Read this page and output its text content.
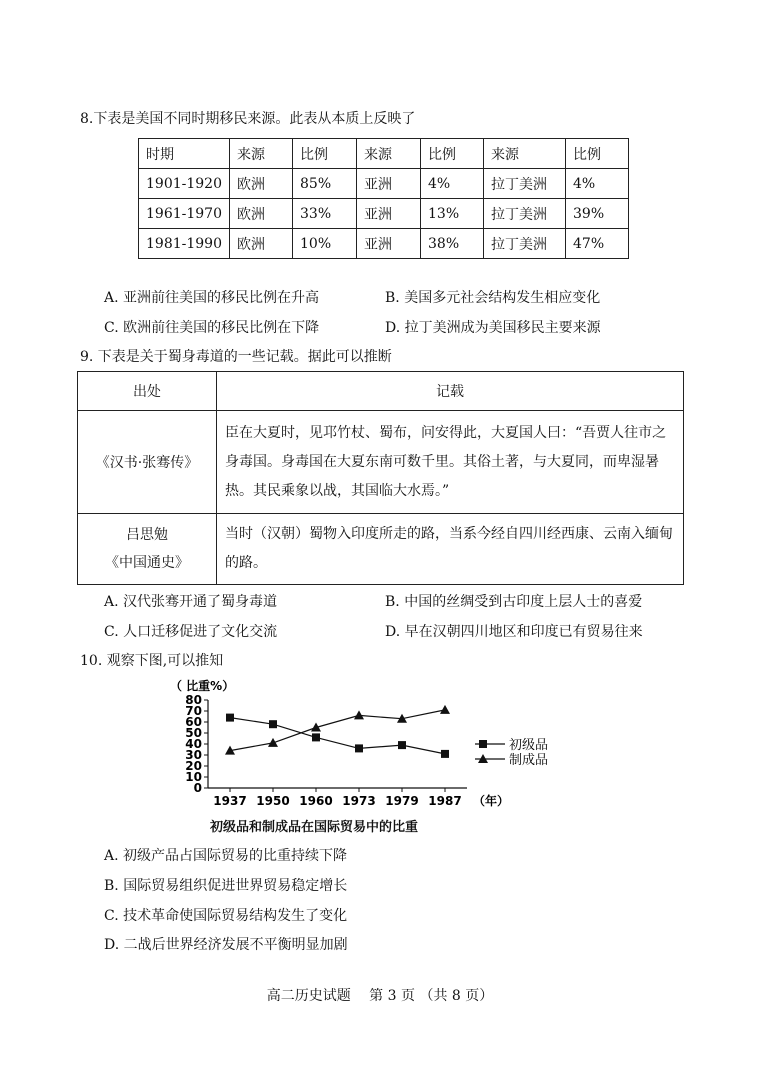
8.下表是美国不同时期移民来源。此表从本质上反映了
时期	来源	比例	来源	比例	来源	比例
1901-1920	欧洲	85%	亚洲	4%	拉丁美洲	4%
1961-1970	欧洲	33%	亚洲	13%	拉丁美洲	39%
1981-1990	欧洲	10%	亚洲	38%	拉丁美洲	47%
A. 亚洲前往美国的移民比例在升高	B. 美国多元社会结构发生相应变化
C. 欧洲前往美国的移民比例在下降	D. 拉丁美洲成为美国移民主要来源
9. 下表是关于蜀身毒道的一些记载。据此可以推断
出处	记载
《汉书·张骞传》	臣在大夏时，见邛竹杖、蜀布，问安得此，大夏国人曰：“吾贾人往市之身毒国。身毒国在大夏东南可数千里。其俗土著，与大夏同，而卑湿暑热。其民乘象以战，其国临大水焉。”

吕思勉
《中国通史》	当时（汉朝）蜀物入印度所走的路，当系今经自四川经西康、云南入缅甸的路。
A. 汉代张骞开通了蜀身毒道	B. 中国的丝绸受到古印度上层人士的喜爱
C. 人口迁移促进了文化交流	D. 早在汉朝四川地区和印度已有贸易往来
10. 观察下图,可以推知
（ 比重%）
0
10
20
30
40
50
60
70
80
1937 1950 1960 1973 1979 1987 （年）
初级品
制成品
初级品和制成品在国际贸易中的比重
A. 初级产品占国际贸易的比重持续下降
B. 国际贸易组织促进世界贸易稳定增长
C. 技术革命使国际贸易结构发生了变化
D. 二战后世界经济发展不平衡明显加剧
高二历史试题　 第 3 页 （共 8 页）
